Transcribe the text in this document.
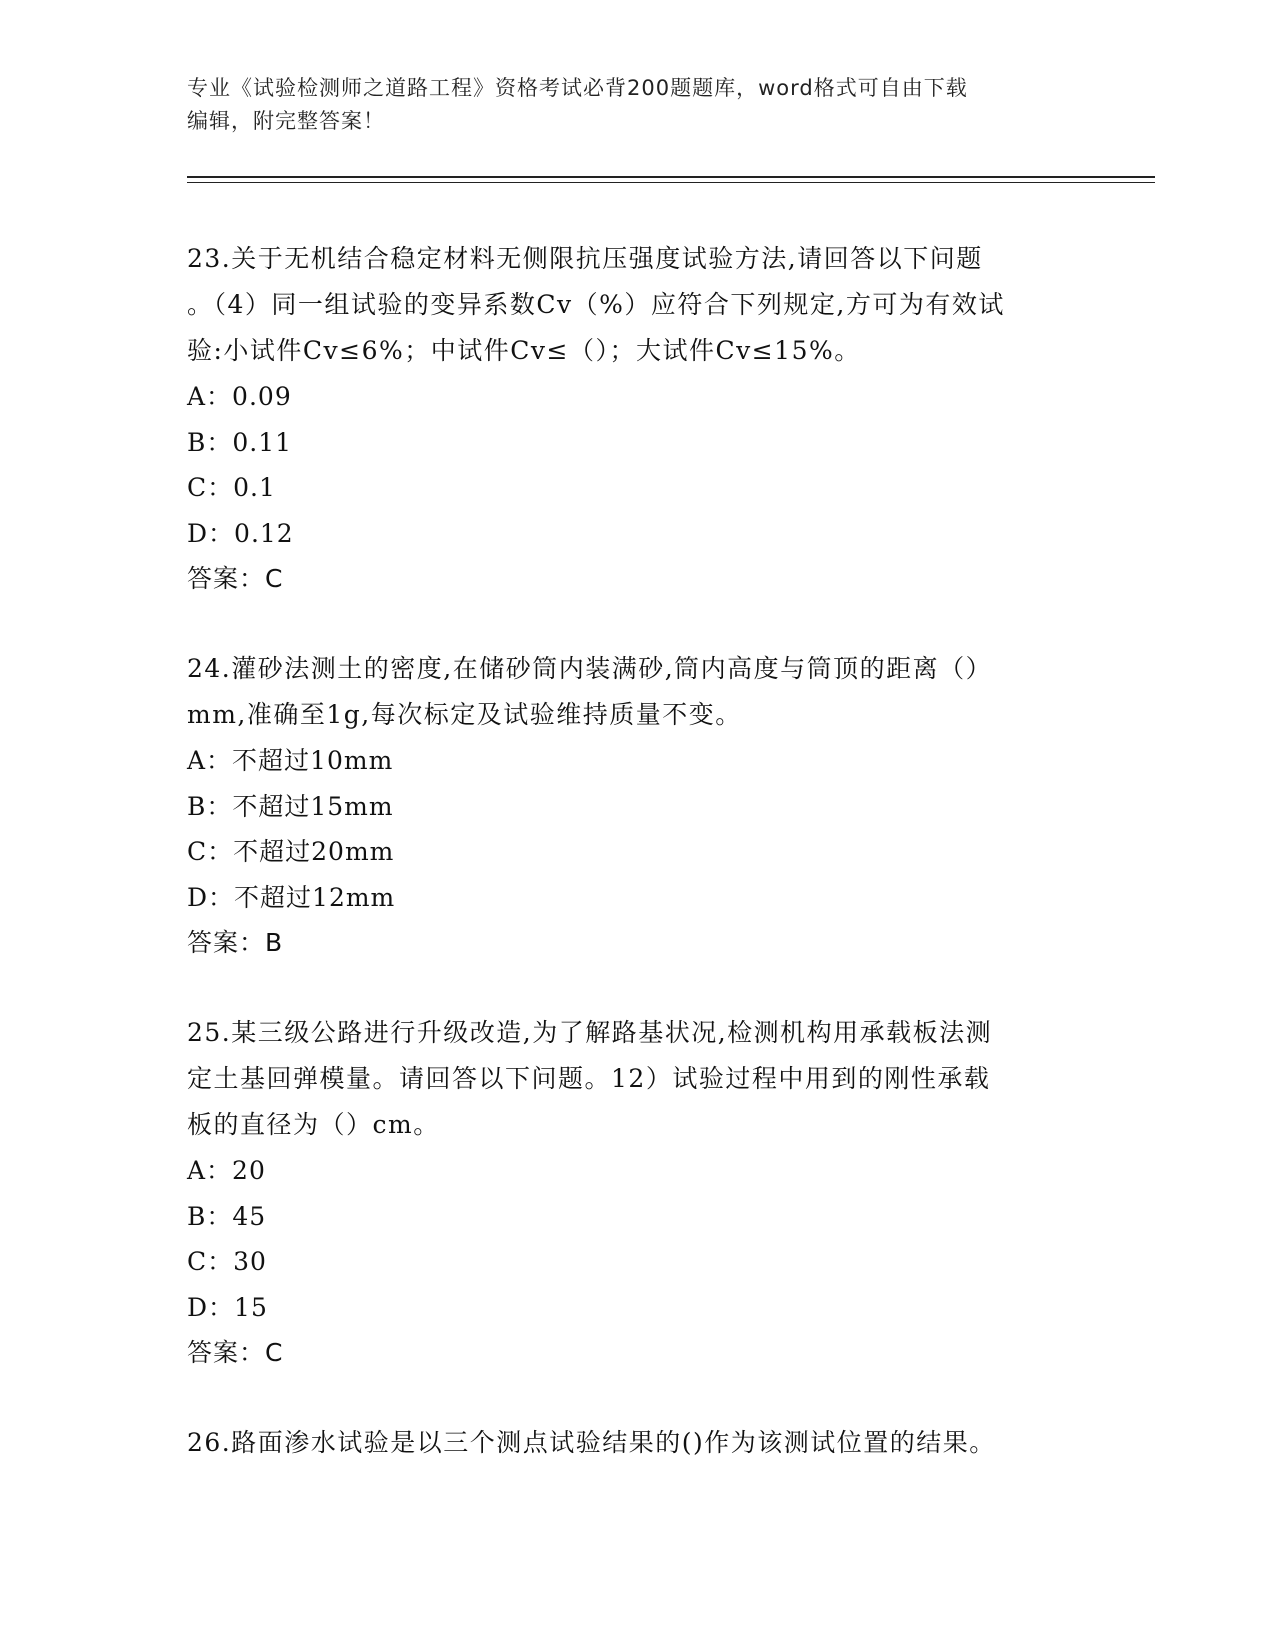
专业《试验检测师之道路工程》资格考试必背200题题库，word格式可自由下载
编辑，附完整答案！
23.关于无机结合稳定材料无侧限抗压强度试验方法,请回答以下问题
。（4）同一组试验的变异系数Cv（%）应符合下列规定,方可为有效试
验:小试件Cv≤6%；中试件Cv≤（）；大试件Cv≤15%。
A：0.09
B：0.11
C：0.1
D：0.12
答案：C
24.灌砂法测土的密度,在储砂筒内装满砂,筒内高度与筒顶的距离（）
mm,准确至1g,每次标定及试验维持质量不变。
A：不超过10mm
B：不超过15mm
C：不超过20mm
D：不超过12mm
答案：B
25.某三级公路进行升级改造,为了解路基状况,检测机构用承载板法测
定土基回弹模量。请回答以下问题。12）试验过程中用到的刚性承载
板的直径为（）cm。
A：20
B：45
C：30
D：15
答案：C
26.路面渗水试验是以三个测点试验结果的()作为该测试位置的结果。
